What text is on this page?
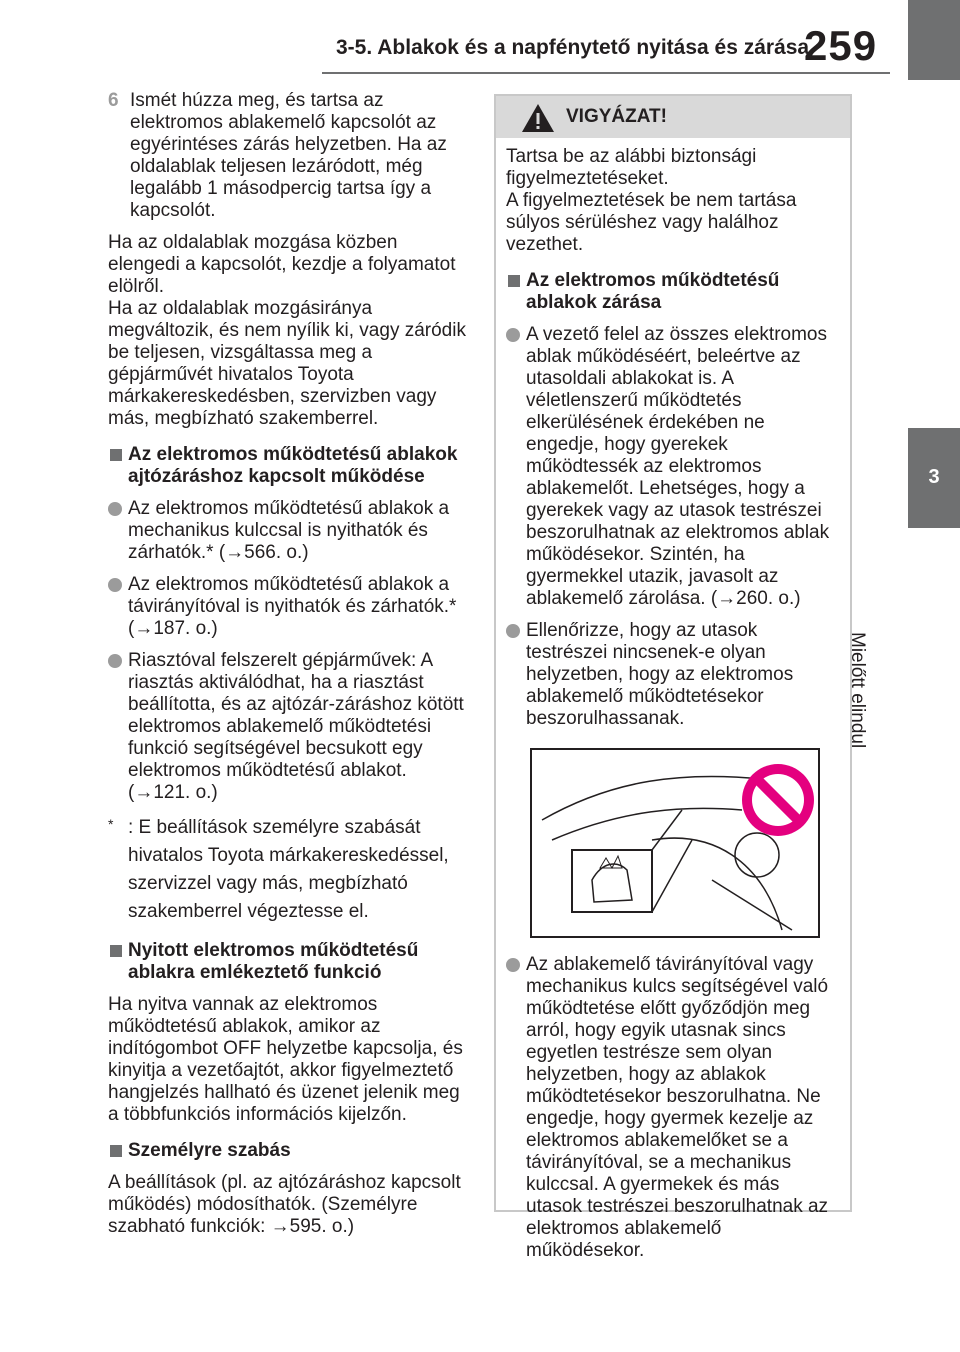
3-5. Ablakok és a napfénytető nyitása és zárása
259
3
Mielőtt elindul
6 Ismét húzza meg, és tartsa az elektromos ablakemelő kapcsolót az egyérintéses zárás helyzetben. Ha az oldalablak teljesen lezáródott, még legalább 1 másodpercig tartsa így a kapcsolót.

Ha az oldalablak mozgása közben elengedi a kapcsolót, kezdje a folyamatot elölről.

Ha az oldalablak mozgásiránya megváltozik, és nem nyílik ki, vagy záródik be teljesen, vizsgáltassa meg a gépjárművét hivatalos Toyota márkakereskedésben, szervizben vagy más, megbízható szakemberrel.

Az elektromos működtetésű ablakok ajtózáráshoz kapcsolt működése
Az elektromos működtetésű ablakok a mechanikus kulccsal is nyithatók és zárhatók.* (→566. o.)
Az elektromos működtetésű ablakok a távirányítóval is nyithatók és zárhatók.* (→187. o.)
Riasztóval felszerelt gépjárművek: A riasztás aktiválódhat, ha a riasztást beállította, és az ajtózár-záráshoz kötött elektromos ablakemelő működtetési funkció segítségével becsukott egy elektromos működtetésű ablakot. (→121. o.)
* : E beállítások személyre szabását hivatalos Toyota márkakereskedéssel, szervizzel vagy más, megbízható szakemberrel végeztesse el.
Nyitott elektromos működtetésű ablakra emlékeztető funkció

Ha nyitva vannak az elektromos működtetésű ablakok, amikor az indítógombot OFF helyzetbe kapcsolja, és kinyitja a vezetőajtót, akkor figyelmeztető hangjelzés hallható és üzenet jelenik meg a többfunkciós információs kijelzőn.

Személyre szabás

A beállítások (pl. az ajtózáráshoz kapcsolt működés) módosíthatók. (Személyre szabható funkciók: →595. o.)

VIGYÁZAT!

Tartsa be az alábbi biztonsági figyelmeztetéseket.

A figyelmeztetések be nem tartása súlyos sérüléshez vagy halálhoz vezethet.

Az elektromos működtetésű ablakok zárása
A vezető felel az összes elektromos ablak működéséért, beleértve az utasoldali ablakokat is. A véletlenszerű működtetés elkerülésének érdekében ne engedje, hogy gyerekek működtessék az elektromos ablakemelőt. Lehetséges, hogy a gyerekek vagy az utasok testrészei beszorulhatnak az elektromos ablak működésekor. Szintén, ha gyermekkel utazik, javasolt az ablakemelő zárolása. (→260. o.)
Ellenőrizze, hogy az utasok testrészei nincsenek-e olyan helyzetben, hogy az elektromos ablakemelő működtetésekor beszorulhassanak.
Az ablakemelő távirányítóval vagy mechanikus kulcs segítségével való működtetése előtt győződjön meg arról, hogy egyik utasnak sincs egyetlen testrésze sem olyan helyzetben, hogy az ablakok működtetésekor beszorulhatna. Ne engedje, hogy gyermek kezelje az elektromos ablakemelőket se a távirányítóval, se a mechanikus kulccsal. A gyermekek és más utasok testrészei beszorulhatnak az elektromos ablakemelő működésekor.
